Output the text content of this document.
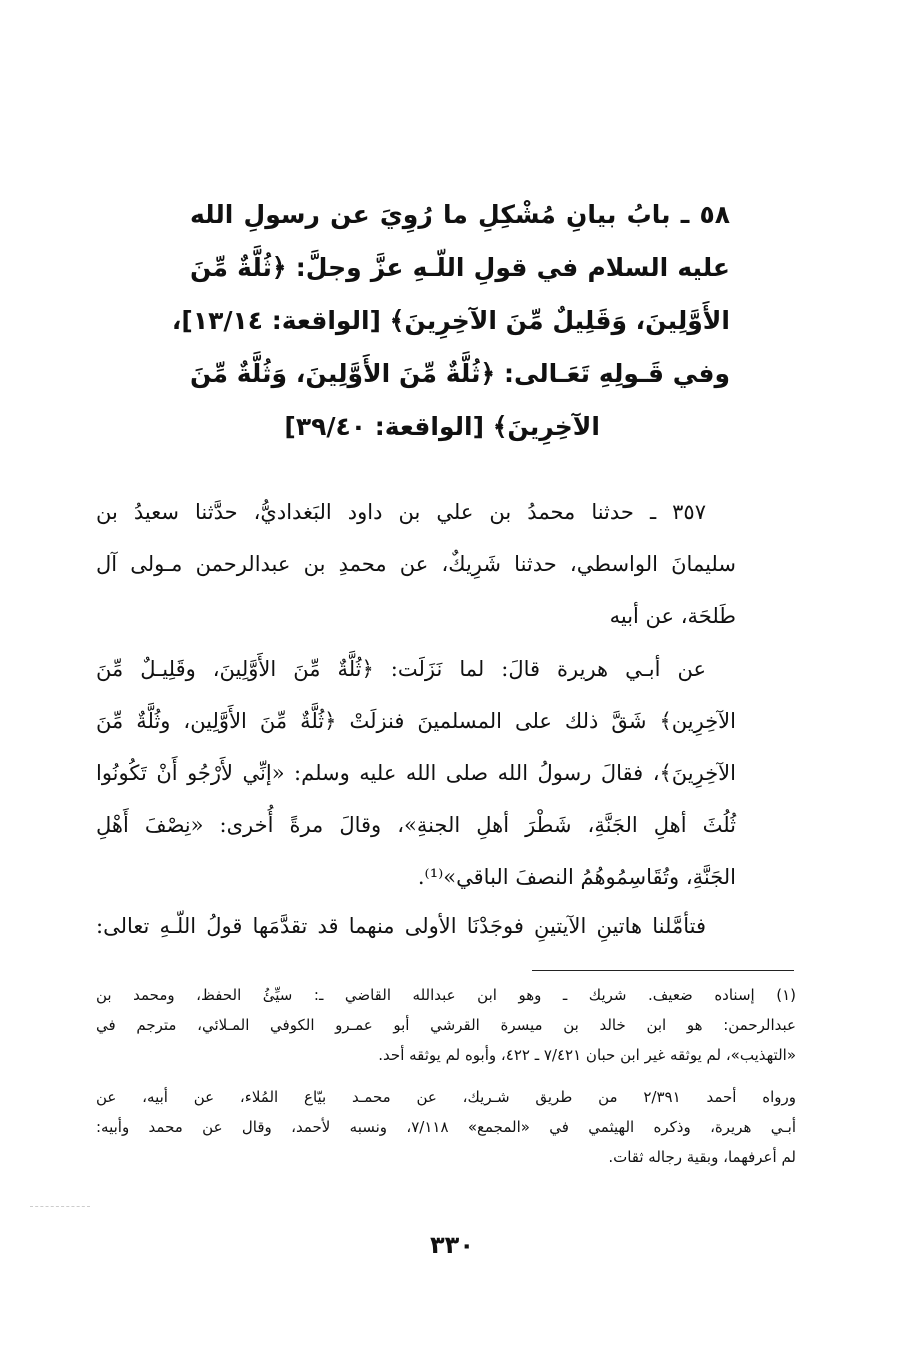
٥٨ ـ بابُ بيانِ مُشْكِلِ ما رُوِيَ عن رسولِ الله
عليه السلام في قولِ اللّـهِ عزَّ وجلَّ: ﴿ثُلَّةٌ مِّنَ
الأَوَّلِينَ، وَقَلِيلٌ مِّنَ الآخِرِينَ﴾ [الواقعة: ١٣/١٤]،
وفي قَـولِهِ تَعَـالى: ﴿ثُلَّةٌ مِّنَ الأَوَّلِينَ، وَثُلَّةٌ مِّنَ
الآخِرِينَ﴾ [الواقعة: ٣٩/٤٠]
٣٥٧ ـ حدثنا محمدُ بن علي بن داود البَغداديُّ، حدَّثنا سعيدُ بن
سليمانَ الواسطي، حدثنا شَرِيكٌ، عن محمدِ بن عبدالرحمن مـولى آل
طَلحَة، عن أبيه
عن أبـي هريرة قالَ: لما نَزَلَت: ﴿ثُلَّةٌ مِّنَ الأَوَّلِينَ، وقَلِيـلٌ مِّنَ
الآخِرِين﴾ شَقَّ ذلك على المسلمينَ فنزلَتْ ﴿ثُلَّةٌ مِّنَ الأَوَّلِين، وثُلَّةٌ مِّنَ
الآخِرِينَ﴾، فقالَ رسولُ الله صلى الله عليه وسلم: «إنِّي لأَرْجُو أَنْ تَكُونُوا
ثُلُثَ أهلِ الجَنَّةِ، شَطْرَ أهلِ الجنةِ»، وقالَ مرةً أُخرى: «نِصْفَ أَهْلِ
الجَنَّةِ، وتُقَاسِمُوهُمُ النصفَ الباقي»⁽¹⁾.
فتأمَّلنا هاتينِ الآيتينِ فوجَدْنَا الأولى منهما قد تقدَّمَها قولُ اللّـهِ تعالى:
(١) إسناده ضعيف. شريك ـ وهو ابن عبدالله القاضي ـ: سيِّئُ الحفظ، ومحمد بن
عبدالرحمن: هو ابن خالد بن ميسرة القرشي أبو عمـرو الكوفي المـلائي، مترجم في
«التهذيب»، لم يوثقه غير ابن حبان ٧/٤٢١ ـ ٤٢٢، وأبوه لم يوثقه أحد.
ورواه أحمد ٢/٣٩١ من طريق شـريك، عن محمـد بيّاع المُلاء، عن أبيه، عن
أبـي هريرة، وذكره الهيثمي في «المجمع» ٧/١١٨، ونسبه لأحمد، وقال عن محمد وأبيه:
لم أعرفهما، وبقية رجاله ثقات.
٣٣٠
